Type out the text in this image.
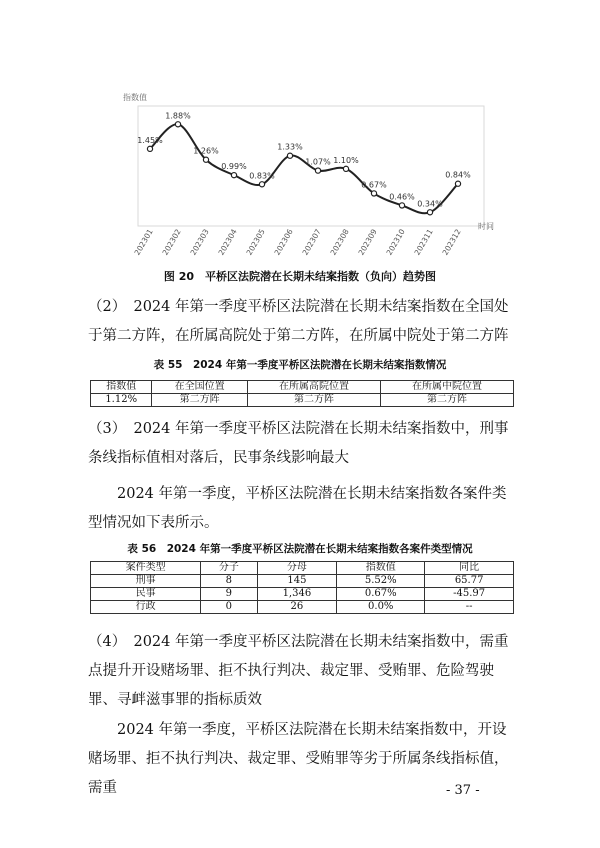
指数值
时间
1.45%
202301
1.88%
202302
1.26%
202303
0.99%
202304
0.83%
202305
1.33%
202306
1.07%
202307
1.10%
202308
0.67%
202309
0.46%
202310
0.34%
202311
0.84%
202312
图 20　平桥区法院潜在长期未结案指数（负向）趋势图

（2）　2024 年第一季度平桥区法院潜在长期未结案指数在全国处于第二方阵，在所属高院处于第二方阵，在所属中院处于第二方阵

表 55　2024 年第一季度平桥区法院潜在长期未结案指数情况
指数值	在全国位置	在所属高院位置	在所属中院位置
1.12%	第二方阵	第二方阵	第二方阵

（3）　2024 年第一季度平桥区法院潜在长期未结案指数中，刑事条线指标值相对落后，民事条线影响最大

2024 年第一季度，平桥区法院潜在长期未结案指数各案件类型情况如下表所示。

表 56　2024 年第一季度平桥区法院潜在长期未结案指数各案件类型情况
案件类型	分子	分母	指数值	同比
刑事	8	145	5.52%	65.77
民事	9	1,346	0.67%	-45.97
行政	0	26	0.0%	--

（4）　2024 年第一季度平桥区法院潜在长期未结案指数中，需重点提升开设赌场罪、拒不执行判决、裁定罪、受贿罪、危险驾驶罪、寻衅滋事罪的指标质效

2024 年第一季度，平桥区法院潜在长期未结案指数中，开设赌场罪、拒不执行判决、裁定罪、受贿罪等劣于所属条线指标值，需重	- 37 -
